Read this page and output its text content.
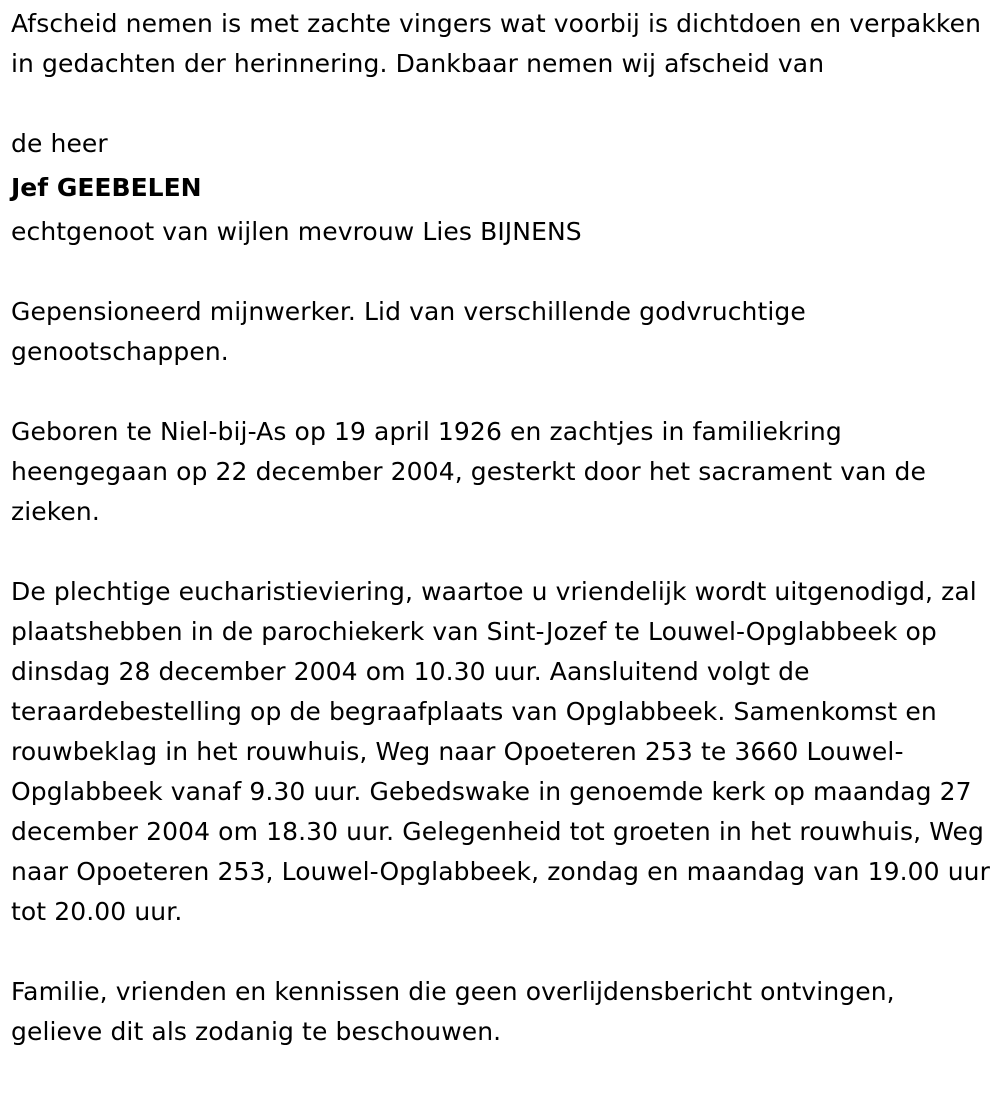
Afscheid nemen is met zachte vingers wat voorbij is dichtdoen en verpakken in gedachten der herinnering. Dankbaar nemen wij afscheid van

de heer

Jef GEEBELEN

echtgenoot van wijlen mevrouw Lies BIJNENS

Gepensioneerd mijnwerker. Lid van verschillende godvruchtige genootschappen.

Geboren te Niel-bij-As op 19 april 1926 en zachtjes in familiekring heengegaan op 22 december 2004, gesterkt door het sacrament van de zieken.

De plechtige eucharistieviering, waartoe u vriendelijk wordt uitgenodigd, zal plaatshebben in de parochiekerk van Sint-Jozef te Louwel-Opglabbeek op dinsdag 28 december 2004 om 10.30 uur. Aansluitend volgt de teraardebestelling op de begraafplaats van Opglabbeek. Samenkomst en rouwbeklag in het rouwhuis, Weg naar Opoeteren 253 te 3660 Louwel-Opglabbeek vanaf 9.30 uur. Gebedswake in genoemde kerk op maandag 27 december 2004 om 18.30 uur. Gelegenheid tot groeten in het rouwhuis, Weg naar Opoeteren 253, Louwel-Opglabbeek, zondag en maandag van 19.00 uur tot 20.00 uur.

Familie, vrienden en kennissen die geen overlijdensbericht ontvingen, gelieve dit als zodanig te beschouwen.
